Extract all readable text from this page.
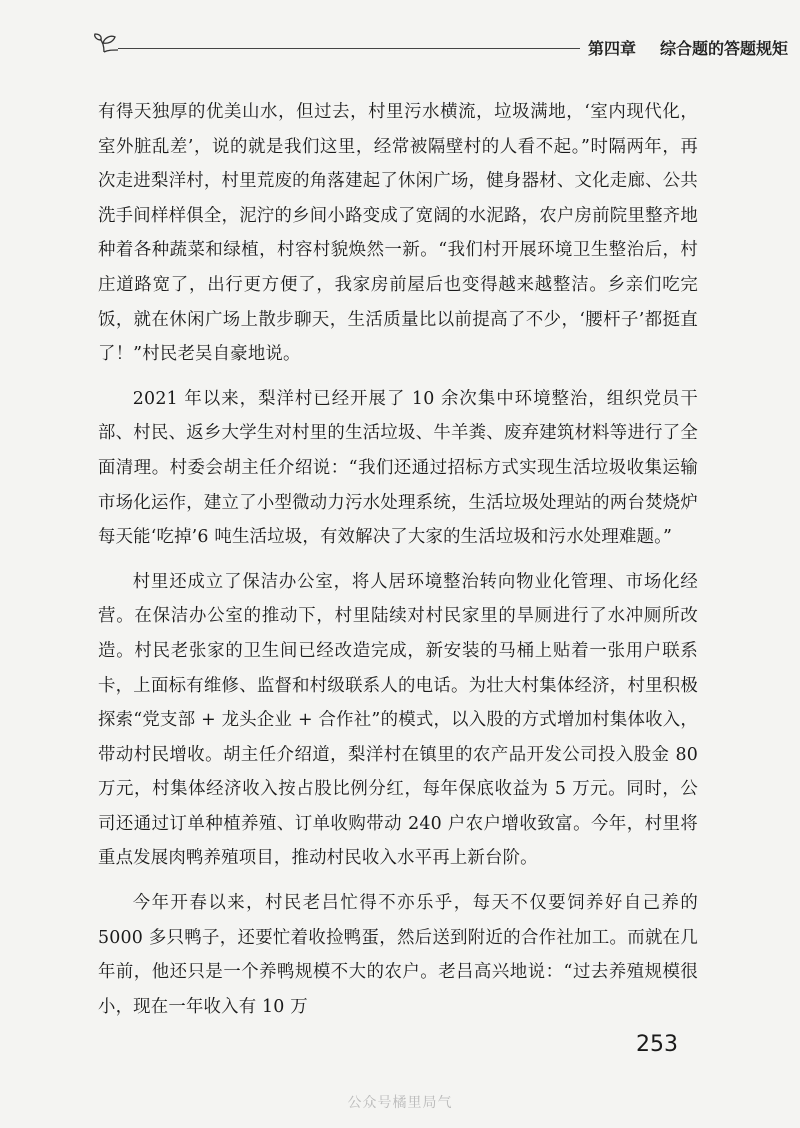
第四章 综合题的答题规矩

有得天独厚的优美山水，但过去，村里污水横流，垃圾满地，‘室内现代化，室外脏乱差’，说的就是我们这里，经常被隔壁村的人看不起。”时隔两年，再次走进梨洋村，村里荒废的角落建起了休闲广场，健身器材、文化走廊、公共洗手间样样俱全，泥泞的乡间小路变成了宽阔的水泥路，农户房前院里整齐地种着各种蔬菜和绿植，村容村貌焕然一新。“我们村开展环境卫生整治后，村庄道路宽了，出行更方便了，我家房前屋后也变得越来越整洁。乡亲们吃完饭，就在休闲广场上散步聊天，生活质量比以前提高了不少，‘腰杆子’都挺直了！”村民老吴自豪地说。

2021 年以来，梨洋村已经开展了 10 余次集中环境整治，组织党员干部、村民、返乡大学生对村里的生活垃圾、牛羊粪、废弃建筑材料等进行了全面清理。村委会胡主任介绍说：“我们还通过招标方式实现生活垃圾收集运输市场化运作，建立了小型微动力污水处理系统，生活垃圾处理站的两台焚烧炉每天能‘吃掉’6 吨生活垃圾，有效解决了大家的生活垃圾和污水处理难题。”

村里还成立了保洁办公室，将人居环境整治转向物业化管理、市场化经营。在保洁办公室的推动下，村里陆续对村民家里的旱厕进行了水冲厕所改造。村民老张家的卫生间已经改造完成，新安装的马桶上贴着一张用户联系卡，上面标有维修、监督和村级联系人的电话。为壮大村集体经济，村里积极探索“党支部 + 龙头企业 + 合作社”的模式，以入股的方式增加村集体收入，带动村民增收。胡主任介绍道，梨洋村在镇里的农产品开发公司投入股金 80 万元，村集体经济收入按占股比例分红，每年保底收益为 5 万元。同时，公司还通过订单种植养殖、订单收购带动 240 户农户增收致富。今年，村里将重点发展肉鸭养殖项目，推动村民收入水平再上新台阶。

今年开春以来，村民老吕忙得不亦乐乎，每天不仅要饲养好自己养的 5000 多只鸭子，还要忙着收捡鸭蛋，然后送到附近的合作社加工。而就在几年前，他还只是一个养鸭规模不大的农户。老吕高兴地说：“过去养殖规模很小，现在一年收入有 10 万

253
公众号橘里局气
